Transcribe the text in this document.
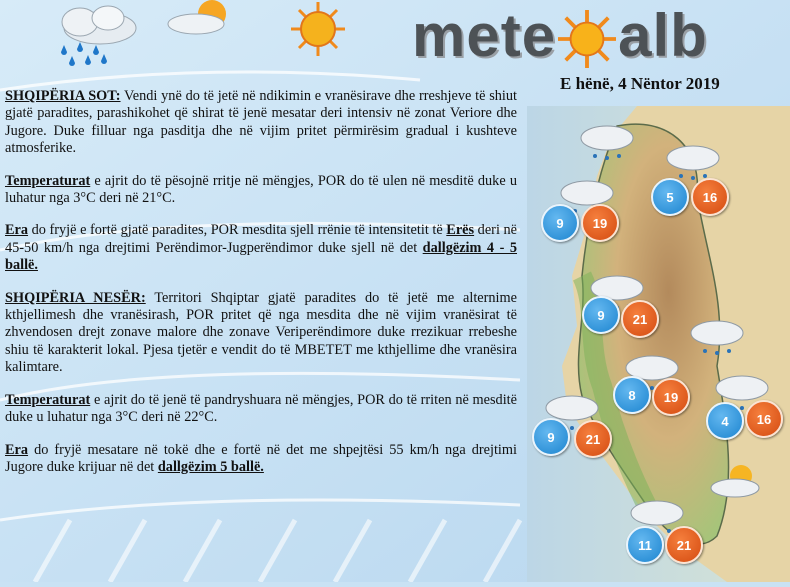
mete alb
E hënë, 4 Nëntor 2019

SHQIPËRIA SOT: Vendi ynë do të jetë në ndikimin e vranësirave dhe rreshjeve të shiut gjatë paradites, parashikohet që shirat të jenë mesatar deri intensiv në zonat Veriore dhe Jugore. Duke filluar nga pasditja dhe në vijim pritet përmirësim gradual i kushteve atmosferike.

Temperaturat e ajrit do të pësojnë rritje në mëngjes, POR do të ulen në mesditë duke u luhatur nga 3°C deri në 21°C.

Era do fryjë e fortë gjatë paradites, POR mesdita sjell rrënie të intensitetit të Erës deri në 45-50 km/h nga drejtimi Perëndimor-Jugperëndimor duke sjell në det dallgëzim 4 - 5 ballë.

SHQIPËRIA NESËR: Territori Shqiptar gjatë paradites do të jetë me alternime kthjellimesh dhe vranësirash, POR pritet që nga mesdita dhe në vijim vranësirat të zhvendosen drejt zonave malore dhe zonave Veriperëndimore duke rrezikuar rrebeshe shiu të karakterit lokal. Pjesa tjetër e vendit do të MBETET me kthjellime dhe vranësira kalimtare.

Temperaturat e ajrit do të jenë të pandryshuara në mëngjes, POR do të rriten në mesditë duke u luhatur nga 3°C deri në 22°C.

Era do fryjë mesatare në tokë dhe e fortë në det me shpejtësi 55 km/h nga drejtimi Jugore duke krijuar në det dallgëzim 5 ballë.

5	16
9	19
9	21
8	19
9	21
4	16
11	21
